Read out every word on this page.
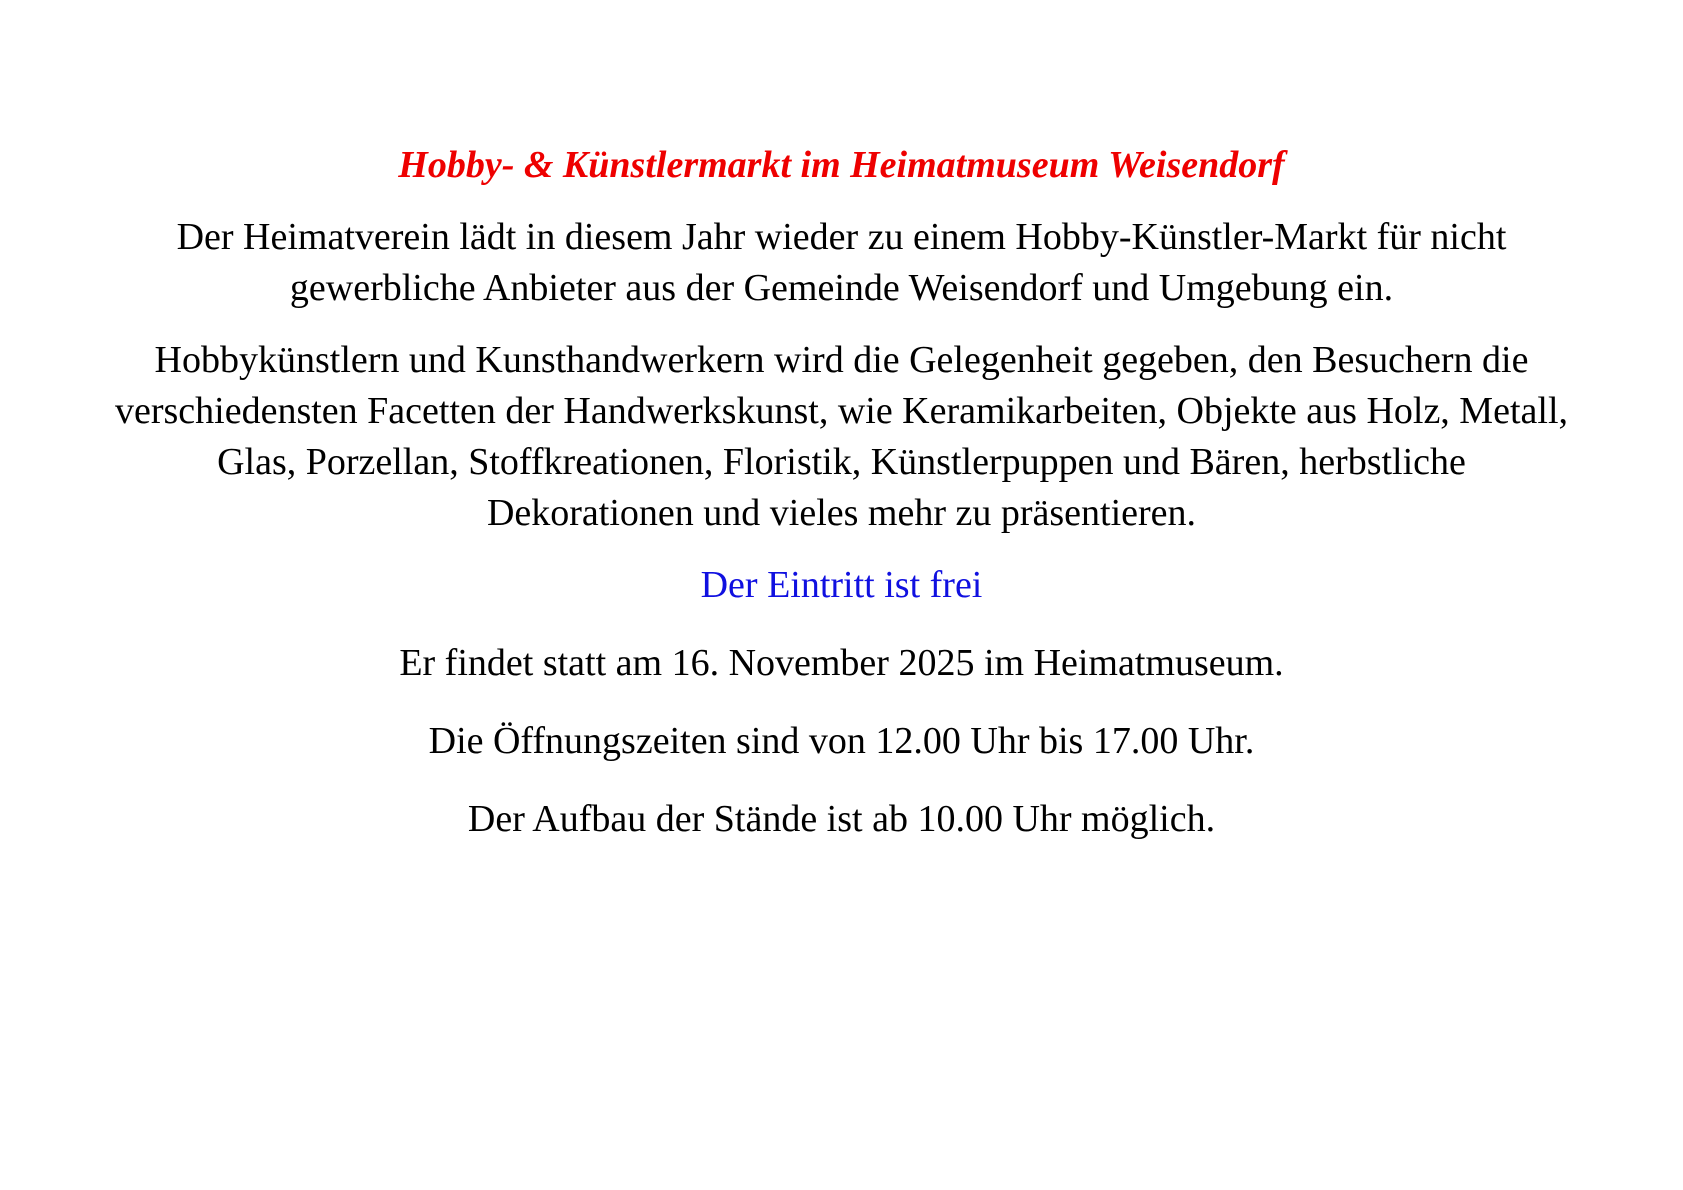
Hobby- & Künstlermarkt im Heimatmuseum Weisendorf
Der Heimatverein lädt in diesem Jahr wieder zu einem Hobby-Künstler-Markt für nicht gewerbliche Anbieter aus der Gemeinde Weisendorf und Umgebung ein.
Hobbykünstlern und Kunsthandwerkern wird die Gelegenheit gegeben, den Besuchern die verschiedensten Facetten der Handwerkskunst, wie Keramikarbeiten, Objekte aus Holz, Metall, Glas, Porzellan, Stoffkreationen, Floristik, Künstlerpuppen und Bären, herbstliche Dekorationen und vieles mehr zu präsentieren.
Der Eintritt ist frei
Er findet statt am 16. November 2025 im Heimatmuseum.
Die Öffnungszeiten sind von 12.00 Uhr bis 17.00 Uhr.
Der Aufbau der Stände ist ab 10.00 Uhr möglich.
